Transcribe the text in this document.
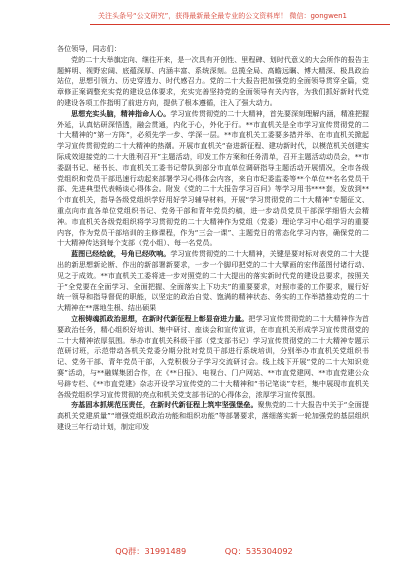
关注头条号“公文研究”，获得最新最全最专业的公文资料库！ 微信：gongwen1

各位领导，同志们：

党的二十大举旗定向、继往开来，是一次具有开创性、里程碑、划时代意义的大会所作的报告主题鲜明、视野宏阔、底蕴深厚、内涵丰富、系统深刻。总揽全局、高瞻远瞩、博大精深、极具政治站位，思想引领力、历史穿透力、时代感召力。党的二十大报告把加强党的全面领导贯穿全篇，党章修正案调整充实党的建设总体要求，充实完善坚持党的全面领导有关内容，为我们抓好新时代党的建设各项工作指明了前进方向，提供了根本遵循，注入了强大动力。

思想充实头脑，精神指命人心。学习宣传贯彻党的二十大精神，首先要深刻理解内涵，精准把握外延，认真钻研深悟透，融会贯通，内化于心，外化于行。**市直机关是全市学习宣传贯彻党的二十大精神的“第一方阵”，必须先学一步、学深一层。**市直机关工委要多措并举、在市直机关掀起学习宣传贯彻党的二十大精神的热潮。开展市直机关“奋进新征程、建功新时代，以模范机关创建实际成效迎接党的二十大胜利召开”主题活动，印发工作方案和任务清单，召开主题活动动员会，**市委副书记、秘书长、市直机关工委书记带队到部分市直单位调研指导主题活动开展情况，全市各级党组织和党员干部迅速行动起来部署学习心得体会内容，来自市纪委监委等**个单位**名名党员干部、先进典型代表畅谈心得体会。附发《党的二十大报告学习百问》等学习用书****套，发放到**个市直机关，指导各级党组织学好用好学习辅导材料，开展“学习贯彻党的二十大精神”专题征文、重点向市直各单位党组织书记、党务干部和青年党员约稿，进一步动员党员干部深学细悟大会精神。市直机关各级党组织将学习贯彻党的二十大精神作为党组（党委）理论学习中心组学习的重要内容，作为党员干部培训的主修课程，作为“三会一课”、主题党日的常态化学习内容，确保党的二十大精神传达到每个支部（党小组）、每一名党员。

蓝图已经绘就，号角已经吹响。学习宣传贯彻党的二十大精神，关键是要对标对表党的二十大提出的新思想新论断、作出的新部署新要求，一步一个脚印把党的二十大擘画的宏伟蓝图付诸行动、见之于成效。**市直机关工委将进一步对照党的二十大提出的落实新时代党的建设总要求，按照关于“全党要在全面学习、全面把握、全面落实上下功夫”的重要要求，对照市委的工作要求，履行好统一领导和指导督促的职能，以坚定的政治自觉、饱满的精神状态、务实的工作举措推动党的二十大精神在**落地生根、结出硕果

立根铸魂抓政治思想，在新时代新征程上彰显奋进力量。把学习宣传贯彻党的二十大精神作为首要政治任务，精心组织好培训、集中研讨、座谈会和宣传宣讲，在市直机关形成学习宣传贯彻党的二十大精神浓厚氛围。举办市直机关科级干部（党支部书记）学习宣传贯彻党的二十大精神专题示范研讨班，示范带动各机关党委分期分批对党员干部进行系统培训，分别举办市直机关党组织书记、党务干部、青年党员干部，入党积极分子学习交流研讨会。线上线下开展“党的二十大知识竞赛”活动，与**融媒集团合作，在《**日报》、电视台、门户网站、**市直党建网、**市直党建公众号辟专栏、《**市直党建》杂志开设学习宣传党的二十大精神和“书记笔谈”专栏，集中展现市直机关各级党组织学习宣传贯彻的亮点和机关党支部书记的心得体会，浓厚学习宣传氛围。

夯基固本抓规范压责任，在新时代新征程上筑牢坚强堡垒。聚焦党的二十大报告中关于“全面提高机关党建质量”“增强党组织政治功能和组织功能”等部署要求，落细落实新一轮加强党的基层组织建设三年行动计划，制定印发

QQ群：31991489	QQ：535304092
